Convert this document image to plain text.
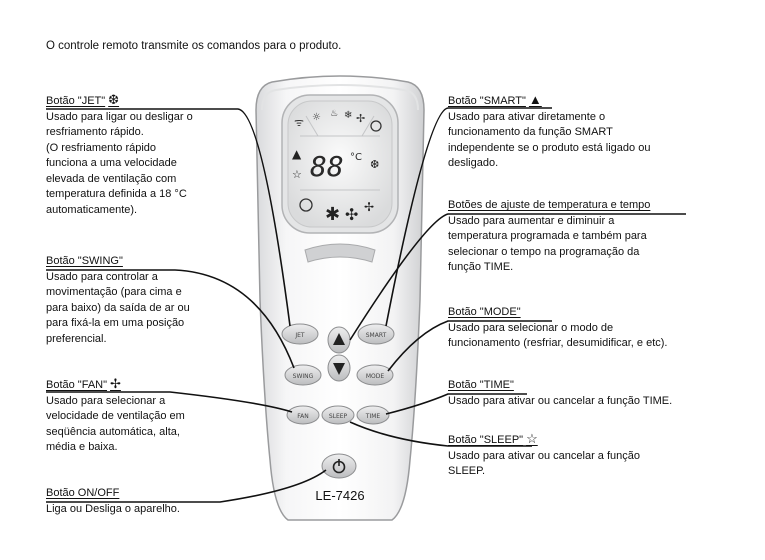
O controle remoto transmite os comandos para o produto.
Botão "JET" ❆
Usado para ligar ou desligar o
resfriamento rápido.
(O resfriamento rápido
funciona a uma velocidade
elevada de ventilação com
temperatura definida a 18 °C
automaticamente).
Botão "SWING"
Usado para controlar a
movimentação (para cima e
para baixo) da saída de ar ou
para fixá-la em uma posição
preferencial.
Botão "FAN" ✢
Usado para selecionar a
velocidade de ventilação em
seqüência automática, alta,
média e baixa.
Botão ON/OFF
Liga ou Desliga o aparelho.
Botão "SMART" ▲
Usado para ativar diretamente o
funcionamento da função SMART
independente se o produto está ligado ou
desligado.
Botões de ajuste de temperatura e tempo
Usado para aumentar e diminuir a
temperatura programada e também para
selecionar o tempo na programação da
função TIME.
Botão "MODE"
Usado para selecionar o modo de
funcionamento (resfriar, desumidificar, e etc).
Botão "TIME"
Usado para ativar ou cancelar a função TIME.
Botão "SLEEP" ☆
Usado para ativar ou cancelar a função
SLEEP.
ᯤ ☼ ♨ ❄ ✢
▲
☆
❆
88 °C
✱ ✣ ✢
JET	SMART
SWING	MODE
FAN	SLEEP	TIME
LE-7426
